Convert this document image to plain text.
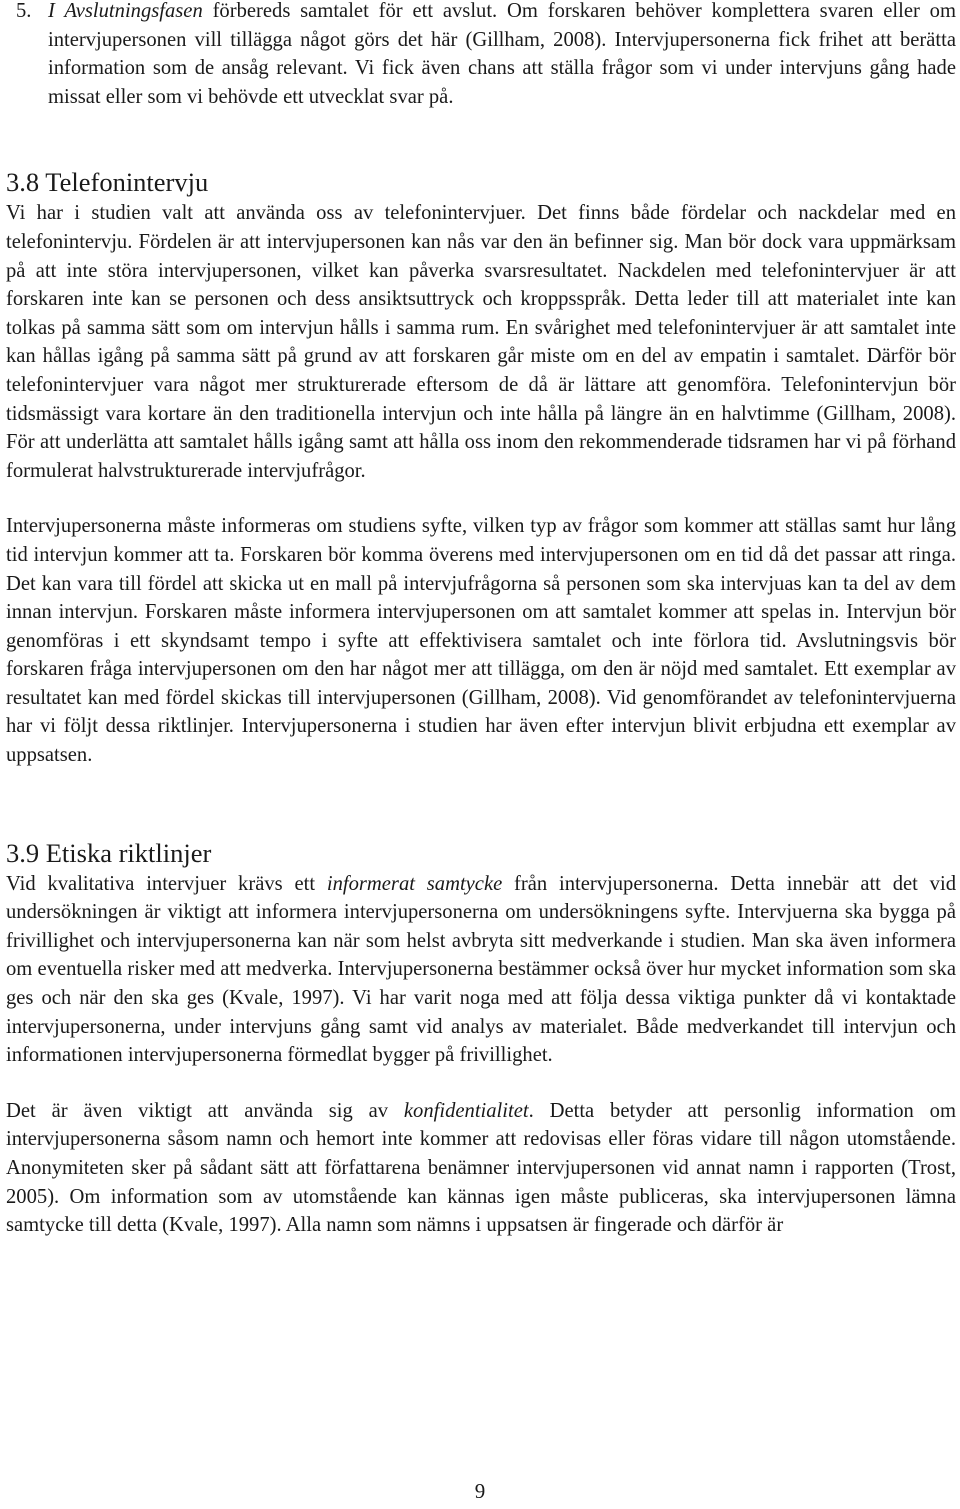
5. I Avslutningsfasen förbereds samtalet för ett avslut. Om forskaren behöver komplettera svaren eller om intervjupersonen vill tillägga något görs det här (Gillham, 2008). Intervjupersonerna fick frihet att berätta information som de ansåg relevant. Vi fick även chans att ställa frågor som vi under intervjuns gång hade missat eller som vi behövde ett utvecklat svar på.
3.8 Telefonintervju

Vi har i studien valt att använda oss av telefonintervjuer. Det finns både fördelar och nackdelar med en telefonintervju. Fördelen är att intervjupersonen kan nås var den än befinner sig. Man bör dock vara uppmärksam på att inte störa intervjupersonen, vilket kan påverka svarsresultatet. Nackdelen med telefonintervjuer är att forskaren inte kan se personen och dess ansiktsuttryck och kroppsspråk. Detta leder till att materialet inte kan tolkas på samma sätt som om intervjun hålls i samma rum. En svårighet med telefonintervjuer är att samtalet inte kan hållas igång på samma sätt på grund av att forskaren går miste om en del av empatin i samtalet. Därför bör telefonintervjuer vara något mer strukturerade eftersom de då är lättare att genomföra. Telefonintervjun bör tidsmässigt vara kortare än den traditionella intervjun och inte hålla på längre än en halvtimme (Gillham, 2008). För att underlätta att samtalet hålls igång samt att hålla oss inom den rekommenderade tidsramen har vi på förhand formulerat halvstrukturerade intervjufrågor.

Intervjupersonerna måste informeras om studiens syfte, vilken typ av frågor som kommer att ställas samt hur lång tid intervjun kommer att ta. Forskaren bör komma överens med intervjupersonen om en tid då det passar att ringa. Det kan vara till fördel att skicka ut en mall på intervjufrågorna så personen som ska intervjuas kan ta del av dem innan intervjun. Forskaren måste informera intervjupersonen om att samtalet kommer att spelas in. Intervjun bör genomföras i ett skyndsamt tempo i syfte att effektivisera samtalet och inte förlora tid. Avslutningsvis bör forskaren fråga intervjupersonen om den har något mer att tillägga, om den är nöjd med samtalet. Ett exemplar av resultatet kan med fördel skickas till intervjupersonen (Gillham, 2008). Vid genomförandet av telefonintervjuerna har vi följt dessa riktlinjer. Intervjupersonerna i studien har även efter intervjun blivit erbjudna ett exemplar av uppsatsen.

3.9 Etiska riktlinjer

Vid kvalitativa intervjuer krävs ett informerat samtycke från intervjupersonerna. Detta innebär att det vid undersökningen är viktigt att informera intervjupersonerna om undersökningens syfte. Intervjuerna ska bygga på frivillighet och intervjupersonerna kan när som helst avbryta sitt medverkande i studien. Man ska även informera om eventuella risker med att medverka. Intervjupersonerna bestämmer också över hur mycket information som ska ges och när den ska ges (Kvale, 1997). Vi har varit noga med att följa dessa viktiga punkter då vi kontaktade intervjupersonerna, under intervjuns gång samt vid analys av materialet. Både medverkandet till intervjun och informationen intervjupersonerna förmedlat bygger på frivillighet.

Det är även viktigt att använda sig av konfidentialitet. Detta betyder att personlig information om intervjupersonerna såsom namn och hemort inte kommer att redovisas eller föras vidare till någon utomstående. Anonymiteten sker på sådant sätt att författarena benämner intervjupersonen vid annat namn i rapporten (Trost, 2005). Om information som av utomstående kan kännas igen måste publiceras, ska intervjupersonen lämna samtycke till detta (Kvale, 1997). Alla namn som nämns i uppsatsen är fingerade och därför är

9
